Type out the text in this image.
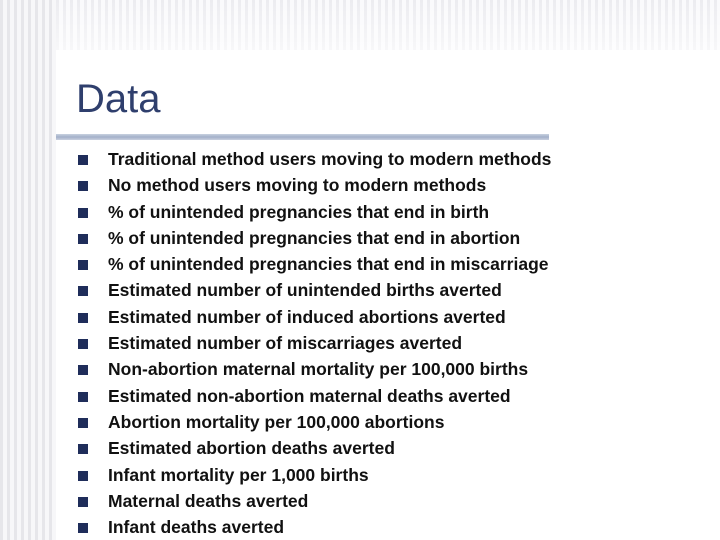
Data
Traditional method users moving to modern methods
No method users moving to modern methods
% of unintended pregnancies that end in birth
% of unintended pregnancies that end in abortion
% of unintended pregnancies that end in miscarriage
Estimated number of unintended births averted
Estimated number of induced abortions averted
Estimated number of miscarriages averted
Non-abortion maternal mortality per 100,000 births
Estimated non-abortion maternal deaths averted
Abortion mortality per 100,000 abortions
Estimated abortion deaths averted
Infant mortality per 1,000 births
Maternal deaths averted
Infant deaths averted
